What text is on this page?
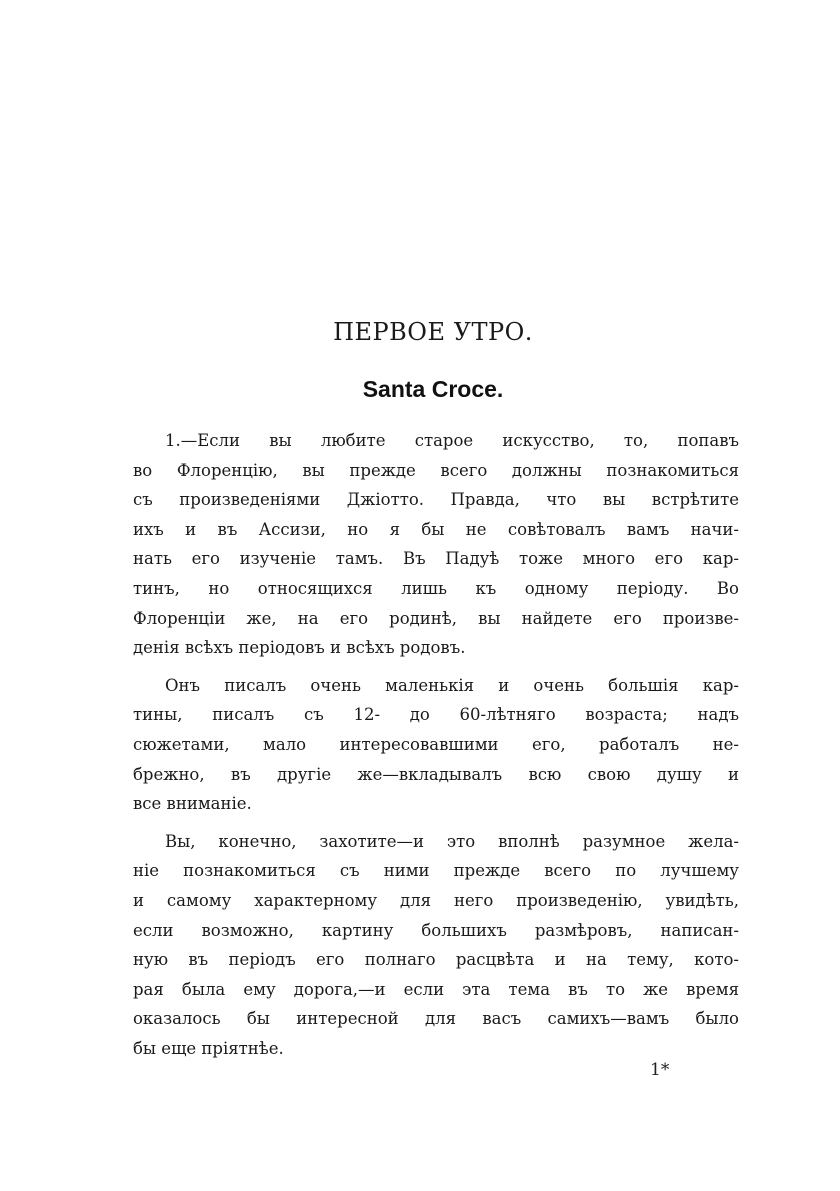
ПЕРВОЕ УТРО.
Santa Croce.
1.—Если вы любите старое искусство, то, попавъ
во Флоренцію, вы прежде всего должны познакомиться
съ произведеніями Джiотто. Правда, что вы встрѣтите
ихъ и въ Ассизи, но я бы не совѣтовалъ вамъ начи-
нать его изученіе тамъ. Въ Падуѣ тоже много его кар-
тинъ, но относящихся лишь къ одному періоду. Во
Флоренціи же, на его родинѣ, вы найдете его произве-
денія всѣхъ періодовъ и всѣхъ родовъ.
Онъ писалъ очень маленькія и очень большія кар-
тины, писалъ съ 12- до 60-лѣтняго возраста; надъ
сюжетами, мало интересовавшими его, работалъ не-
брежно, въ другіе же—вкладывалъ всю свою душу и
все вниманіе.
Вы, конечно, захотите—и это вполнѣ разумное жела-
ніе познакомиться съ ними прежде всего по лучшему
и самому характерному для него произведенію, увидѣть,
если возможно, картину большихъ размѣровъ, написан-
ную въ періодъ его полнаго расцвѣта и на тему, кото-
рая была ему дорога,—и если эта тема въ то же время
оказалось бы интересной для васъ самихъ—вамъ было
бы еще пріятнѣе.
1*
